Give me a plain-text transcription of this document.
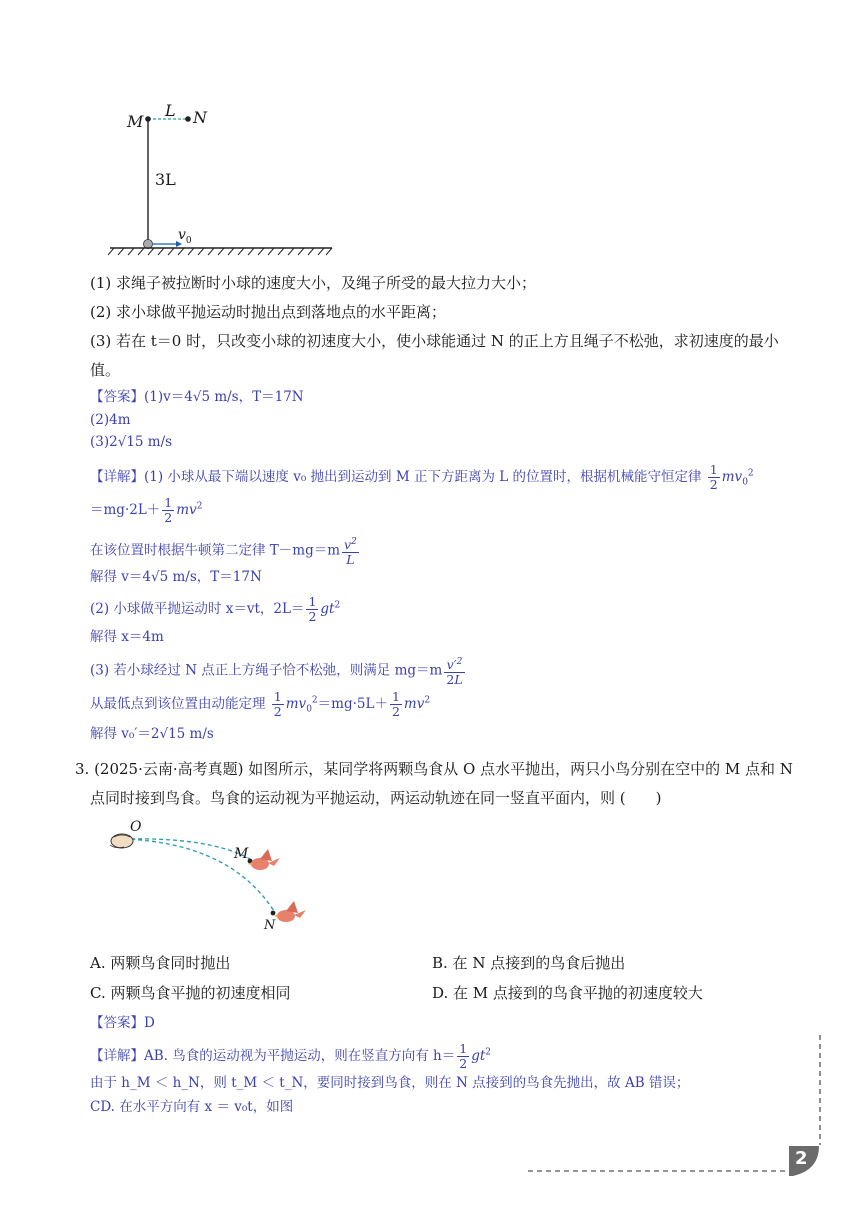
M
L N
3L
$v_0$
(1) 求绳子被拉断时小球的速度大小，及绳子所受的最大拉力大小；
(2) 求小球做平抛运动时抛出点到落地点的水平距离；
(3) 若在 t＝0 时，只改变小球的初速度大小，使小球能通过 N 的正上方且绳子不松弛，求初速度的最小
值。
【答案】(1)v＝4√5 m/s，T＝17N
(2)4m
(3)2√15 m/s
【详解】(1) 小球从最下端以速度 v₀ 抛出到运动到 M 正下方距离为 L 的位置时，根据机械能守恒定律 $\frac{1}{2} mv_0^2$
$=mg\cdot 2L+ \frac{1}{2} mv^2$
在该位置时根据牛顿第二定律 $T-mg=m \frac{v^2}{L}$
解得 v＝4√5 m/s，T＝17N
(2) 小球做平抛运动时 x＝vt，$2L= \frac{1}{2} gt^2$
解得 x＝4m
(3) 若小球经过 N 点正上方绳子恰不松弛，则满足 $mg=m \frac{v'^2}{2L}$
从最低点到该位置由动能定理 $\frac{1}{2} mv_0^2=mg\cdot 5L+ \frac{1}{2} mv^2$
解得 v₀′＝2√15 m/s
3. (2025·云南·高考真题) 如图所示，某同学将两颗鸟食从 O 点水平抛出，两只小鸟分别在空中的 M 点和 N
点同时接到鸟食。鸟食的运动视为平抛运动，两运动轨迹在同一竖直平面内，则 (　　)
O
M
N
A. 两颗鸟食同时抛出	B. 在 N 点接到的鸟食后抛出
C. 两颗鸟食平抛的初速度相同	D. 在 M 点接到的鸟食平抛的初速度较大
【答案】D
【详解】AB. 鸟食的运动视为平抛运动，则在竖直方向有 $h= \frac{1}{2} gt^2$
由于 h_M ＜ h_N，则 t_M ＜ t_N，要同时接到鸟食，则在 N 点接到的鸟食先抛出，故 AB 错误；
CD. 在水平方向有 x ＝ v₀t，如图
2
